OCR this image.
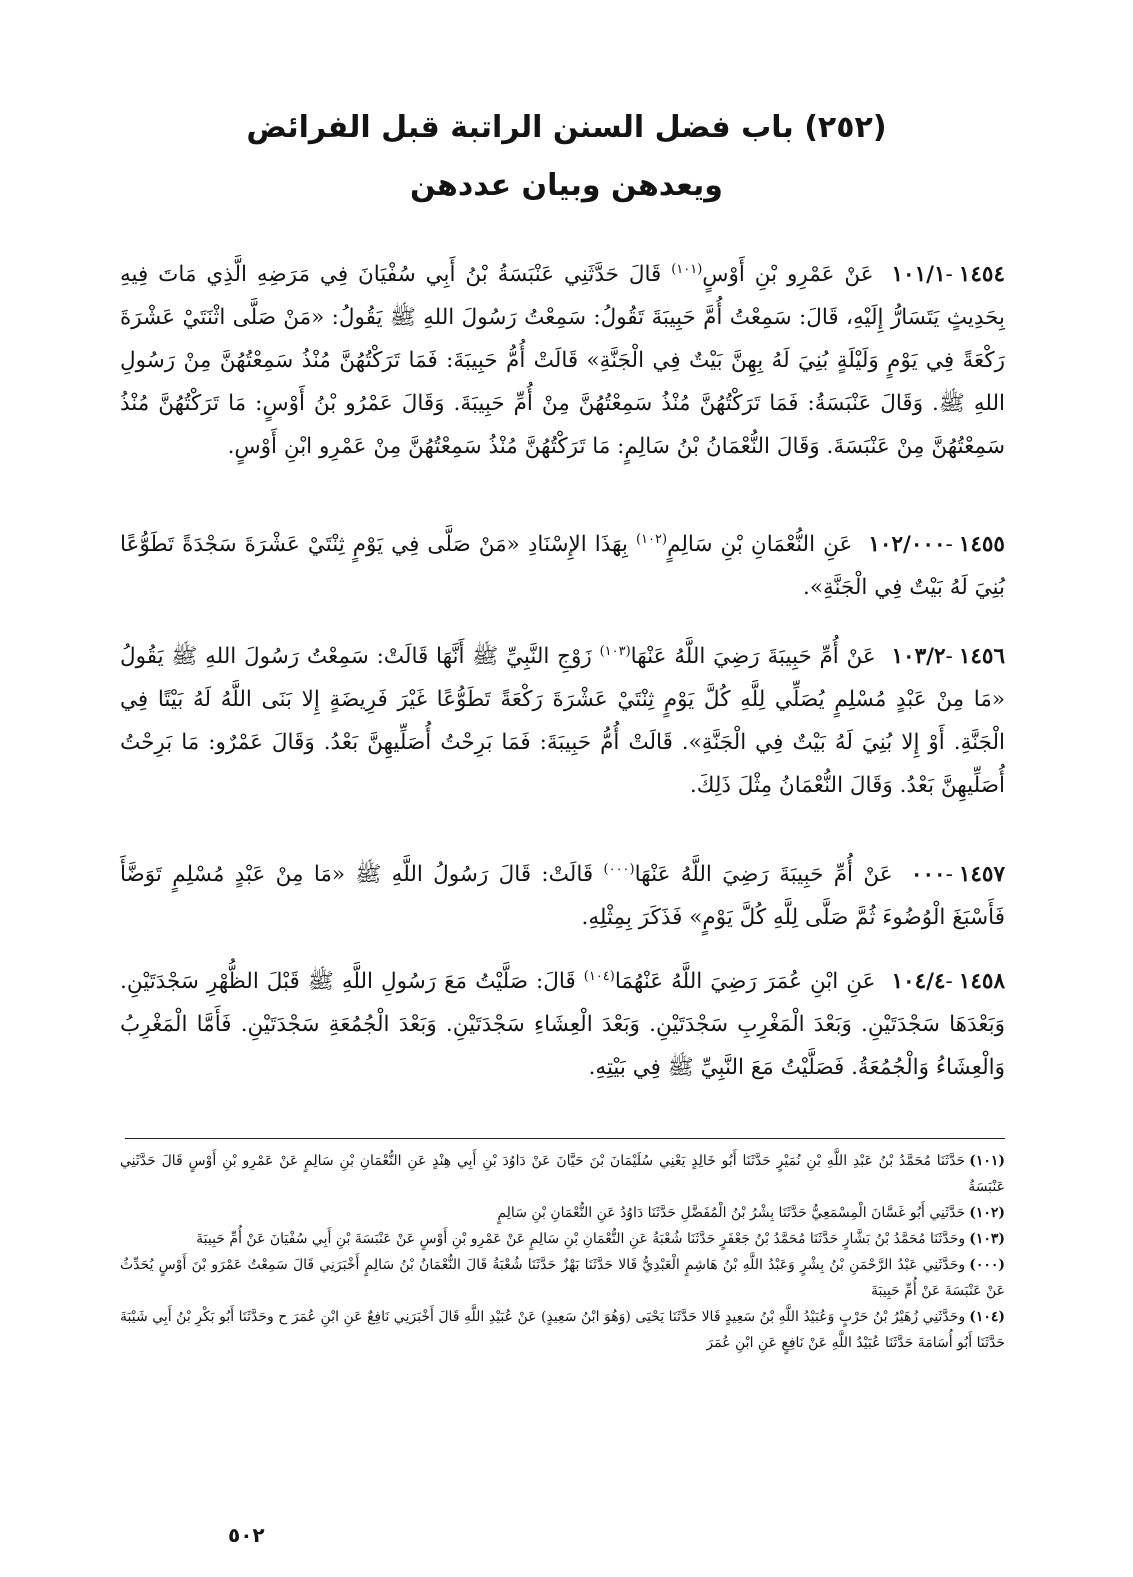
(٢٥٢) باب فضل السنن الراتبة قبل الفرائض
ويعدهن وبيان عددهن

١٤٥٤-١٠١/١ عَنْ عَمْرِو بْنِ أَوْسٍ$^{(١٠١)}$ قَالَ حَدَّثَنِي عَنْبَسَةُ بْنُ أَبِي سُفْيَانَ فِي مَرَضِهِ الَّذِي مَاتَ فِيهِ بِحَدِيثٍ يَتَسَارُّ إِلَيْهِ، قَالَ: سَمِعْتُ أُمَّ حَبِيبَةَ تَقُولُ: سَمِعْتُ رَسُولَ اللهِ ﷺ يَقُولُ: «مَنْ صَلَّى اثْنَتَيْ عَشْرَةَ رَكْعَةً فِي يَوْمٍ وَلَيْلَةٍ بُنِيَ لَهُ بِهِنَّ بَيْتٌ فِي الْجَنَّةِ» قَالَتْ أُمُّ حَبِيبَةَ: فَمَا تَرَكْتُهُنَّ مُنْذُ سَمِعْتُهُنَّ مِنْ رَسُولِ اللهِ ﷺ. وَقَالَ عَنْبَسَةُ: فَمَا تَرَكْتُهُنَّ مُنْذُ سَمِعْتُهُنَّ مِنْ أُمِّ حَبِيبَةَ. وَقَالَ عَمْرُو بْنُ أَوْسٍ: مَا تَرَكْتُهُنَّ مُنْذُ سَمِعْتُهُنَّ مِنْ عَنْبَسَةَ. وَقَالَ النُّعْمَانُ بْنُ سَالِمٍ: مَا تَرَكْتُهُنَّ مُنْذُ سَمِعْتُهُنَّ مِنْ عَمْرِو ابْنِ أَوْسٍ.

١٤٥٥-١٠٢/٠٠٠ عَنِ النُّعْمَانِ بْنِ سَالِمٍ$^{(١٠٢)}$ بِهَذَا الإِسْنَادِ «مَنْ صَلَّى فِي يَوْمٍ ثِنْتَيْ عَشْرَةَ سَجْدَةً تَطَوُّعًا بُنِيَ لَهُ بَيْتٌ فِي الْجَنَّةِ».

١٤٥٦-١٠٣/٢ عَنْ أُمِّ حَبِيبَةَ رَضِيَ اللَّهُ عَنْهَا$^{(١٠٣)}$ زَوْجِ النَّبِيِّ ﷺ أَنَّهَا قَالَتْ: سَمِعْتُ رَسُولَ اللهِ ﷺ يَقُولُ «مَا مِنْ عَبْدٍ مُسْلِمٍ يُصَلِّي لِلَّهِ كُلَّ يَوْمٍ ثِنْتَيْ عَشْرَةَ رَكْعَةً تَطَوُّعًا غَيْرَ فَرِيضَةٍ إِلا بَنَى اللَّهُ لَهُ بَيْتًا فِي الْجَنَّةِ. أَوْ إِلا بُنِيَ لَهُ بَيْتٌ فِي الْجَنَّةِ». قَالَتْ أُمُّ حَبِيبَةَ: فَمَا بَرِحْتُ أُصَلِّيهِنَّ بَعْدُ. وَقَالَ عَمْرٌو: مَا بَرِحْتُ أُصَلِّيهِنَّ بَعْدُ. وَقَالَ النُّعْمَانُ مِثْلَ ذَلِكَ.

١٤٥٧-٠٠٠ عَنْ أُمِّ حَبِيبَةَ رَضِيَ اللَّهُ عَنْهَا$^{(٠٠٠)}$ قَالَتْ: قَالَ رَسُولُ اللَّهِ ﷺ «مَا مِنْ عَبْدٍ مُسْلِمٍ تَوَضَّأَ فَأَسْبَغَ الْوُضُوءَ ثُمَّ صَلَّى لِلَّهِ كُلَّ يَوْمٍ» فَذَكَرَ بِمِثْلِهِ.

١٤٥٨-١٠٤/٤ عَنِ ابْنِ عُمَرَ رَضِيَ اللَّهُ عَنْهُمَا$^{(١٠٤)}$ قَالَ: صَلَّيْتُ مَعَ رَسُولِ اللَّهِ ﷺ قَبْلَ الظُّهْرِ سَجْدَتَيْنِ. وَبَعْدَهَا سَجْدَتَيْنِ. وَبَعْدَ الْمَغْرِبِ سَجْدَتَيْنِ. وَبَعْدَ الْعِشَاءِ سَجْدَتَيْنِ. وَبَعْدَ الْجُمُعَةِ سَجْدَتَيْنِ. فَأَمَّا الْمَغْرِبُ وَالْعِشَاءُ وَالْجُمُعَةُ. فَصَلَّيْتُ مَعَ النَّبِيِّ ﷺ فِي بَيْتِهِ.

(١٠١)حَدَّثَنَا مُحَمَّدُ بْنُ عَبْدِ اللَّهِ بْنِ نُمَيْرٍ حَدَّثَنَا أَبُو خَالِدٍ يَعْنِي سُلَيْمَانَ بْنَ حَيَّانَ عَنْ دَاوُدَ بْنِ أَبِي هِنْدٍ عَنِ النُّعْمَانِ بْنِ سَالِمٍ عَنْ عَمْرِو بْنِ أَوْسٍ قَالَ حَدَّثَنِي عَنْبَسَةُ

(١٠٢)حَدَّثَنِي أَبُو غَسَّانَ الْمِسْمَعِيُّ حَدَّثَنَا بِشْرُ بْنُ الْمُفَضَّلِ حَدَّثَنَا دَاوُدُ عَنِ النُّعْمَانِ بْنِ سَالِمٍ

(١٠٣)وحَدَّثَنَا مُحَمَّدُ بْنُ بَشَّارٍ حَدَّثَنَا مُحَمَّدُ بْنُ جَعْفَرٍ حَدَّثَنَا شُعْبَةُ عَنِ النُّعْمَانِ بْنِ سَالِمٍ عَنْ عَمْرِو بْنِ أَوْسٍ عَنْ عَنْبَسَةَ بْنِ أَبِي سُفْيَانَ عَنْ أُمِّ حَبِيبَةَ

(٠٠٠)وحَدَّثَنِي عَبْدُ الرَّحْمَنِ بْنُ بِشْرٍ وَعَبْدُ اللَّهِ بْنُ هَاشِمٍ الْعَبْدِيُّ قَالا حَدَّثَنَا بَهْزٌ حَدَّثَنَا شُعْبَةُ قَالَ النُّعْمَانُ بْنُ سَالِمٍ أَخْبَرَنِي قَالَ سَمِعْتُ عَمْرَو بْنَ أَوْسٍ يُحَدِّثُ عَنْ عَنْبَسَةَ عَنْ أُمِّ حَبِيبَةَ

(١٠٤)وحَدَّثَنِي زُهَيْرُ بْنُ حَرْبٍ وَعُبَيْدُ اللَّهِ بْنُ سَعِيدٍ قَالا حَدَّثَنَا يَحْيَى (وَهُوَ ابْنُ سَعِيدٍ) عَنْ عُبَيْدِ اللَّهِ قَالَ أَخْبَرَنِي نَافِعٌ عَنِ ابْنِ عُمَرَ ح وحَدَّثَنَا أَبُو بَكْرِ بْنُ أَبِي شَيْبَةَ حَدَّثَنَا أَبُو أُسَامَةَ حَدَّثَنَا عُبَيْدُ اللَّهِ عَنْ نَافِعٍ عَنِ ابْنِ عُمَرَ

٥٠٢
